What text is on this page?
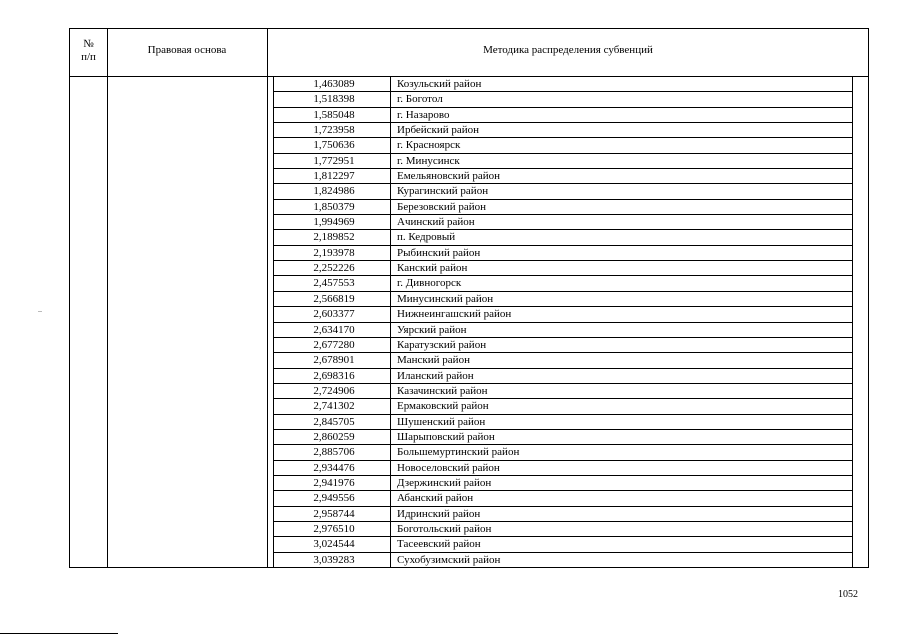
№
п/п
Правовая основа	Методика распределения субвенций
1,463089	Козульский район
1,518398	г. Боготол
1,585048	г. Назарово
1,723958	Ирбейский район
1,750636	г. Красноярск
1,772951	г. Минусинск
1,812297	Емельяновский район
1,824986	Курагинский район
1,850379	Березовский район
1,994969	Ачинский район
2,189852	п. Кедровый
2,193978	Рыбинский район
2,252226	Канский район
2,457553	г. Дивногорск
2,566819	Минусинский район
2,603377	Нижнеингашский район
2,634170	Уярский район
2,677280	Каратузский район
2,678901	Манский район
2,698316	Иланский район
2,724906	Казачинский район
2,741302	Ермаковский район
2,845705	Шушенский район
2,860259	Шарыповский район
2,885706	Большемуртинский район
2,934476	Новоселовский район
2,941976	Дзержинский район
2,949556	Абанский район
2,958744	Идринский район
2,976510	Боготольский район
3,024544	Тасеевский район
3,039283	Сухобузимский район
1052
